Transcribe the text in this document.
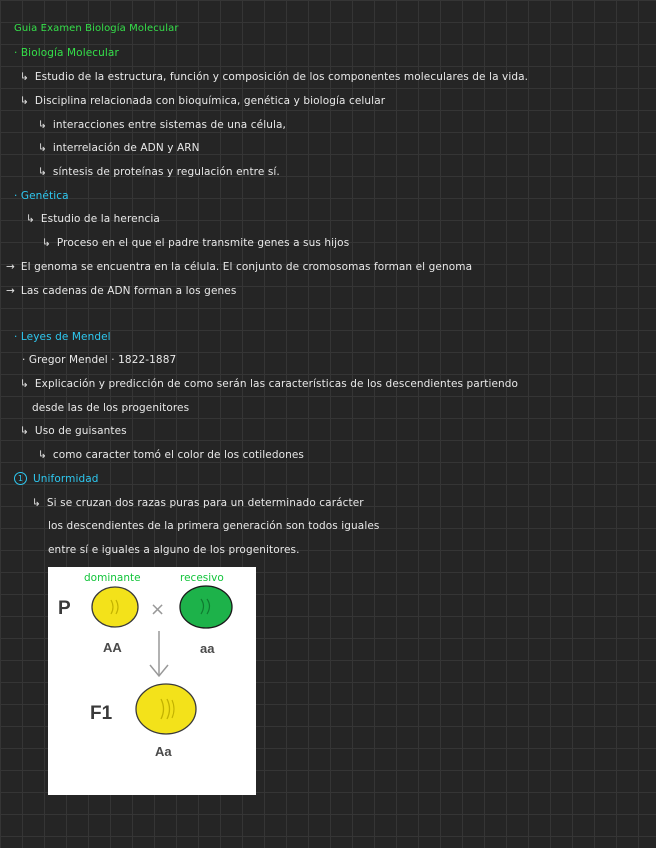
Guia Examen Biología Molecular
· Biología Molecular
↳ Estudio de la estructura, función y composición de los componentes moleculares de la vida.
↳ Disciplina relacionada con bioquímica, genética y biología celular
↳ interacciones entre sistemas de una célula,
↳ interrelación de ADN y ARN
↳ síntesis de proteínas y regulación entre sí.
· Genética
↳ Estudio de la herencia
↳ Proceso en el que el padre transmite genes a sus hijos
→ El genoma se encuentra en la célula. El conjunto de cromosomas forman el genoma
→ Las cadenas de ADN forman a los genes
· Leyes de Mendel
· Gregor Mendel · 1822-1887
↳ Explicación y predicción de como serán las características de los descendientes partiendo
desde las de los progenitores
↳ Uso de guisantes
↳ como caracter tomó el color de los cotiledones
1 Uniformidad
↳ Si se cruzan dos razas puras para un determinado carácter
los descendientes de la primera generación son todos iguales
entre sí e iguales a alguno de los progenitores.
dominante	recesivo
P	×
AA	aa
F1
Aa
